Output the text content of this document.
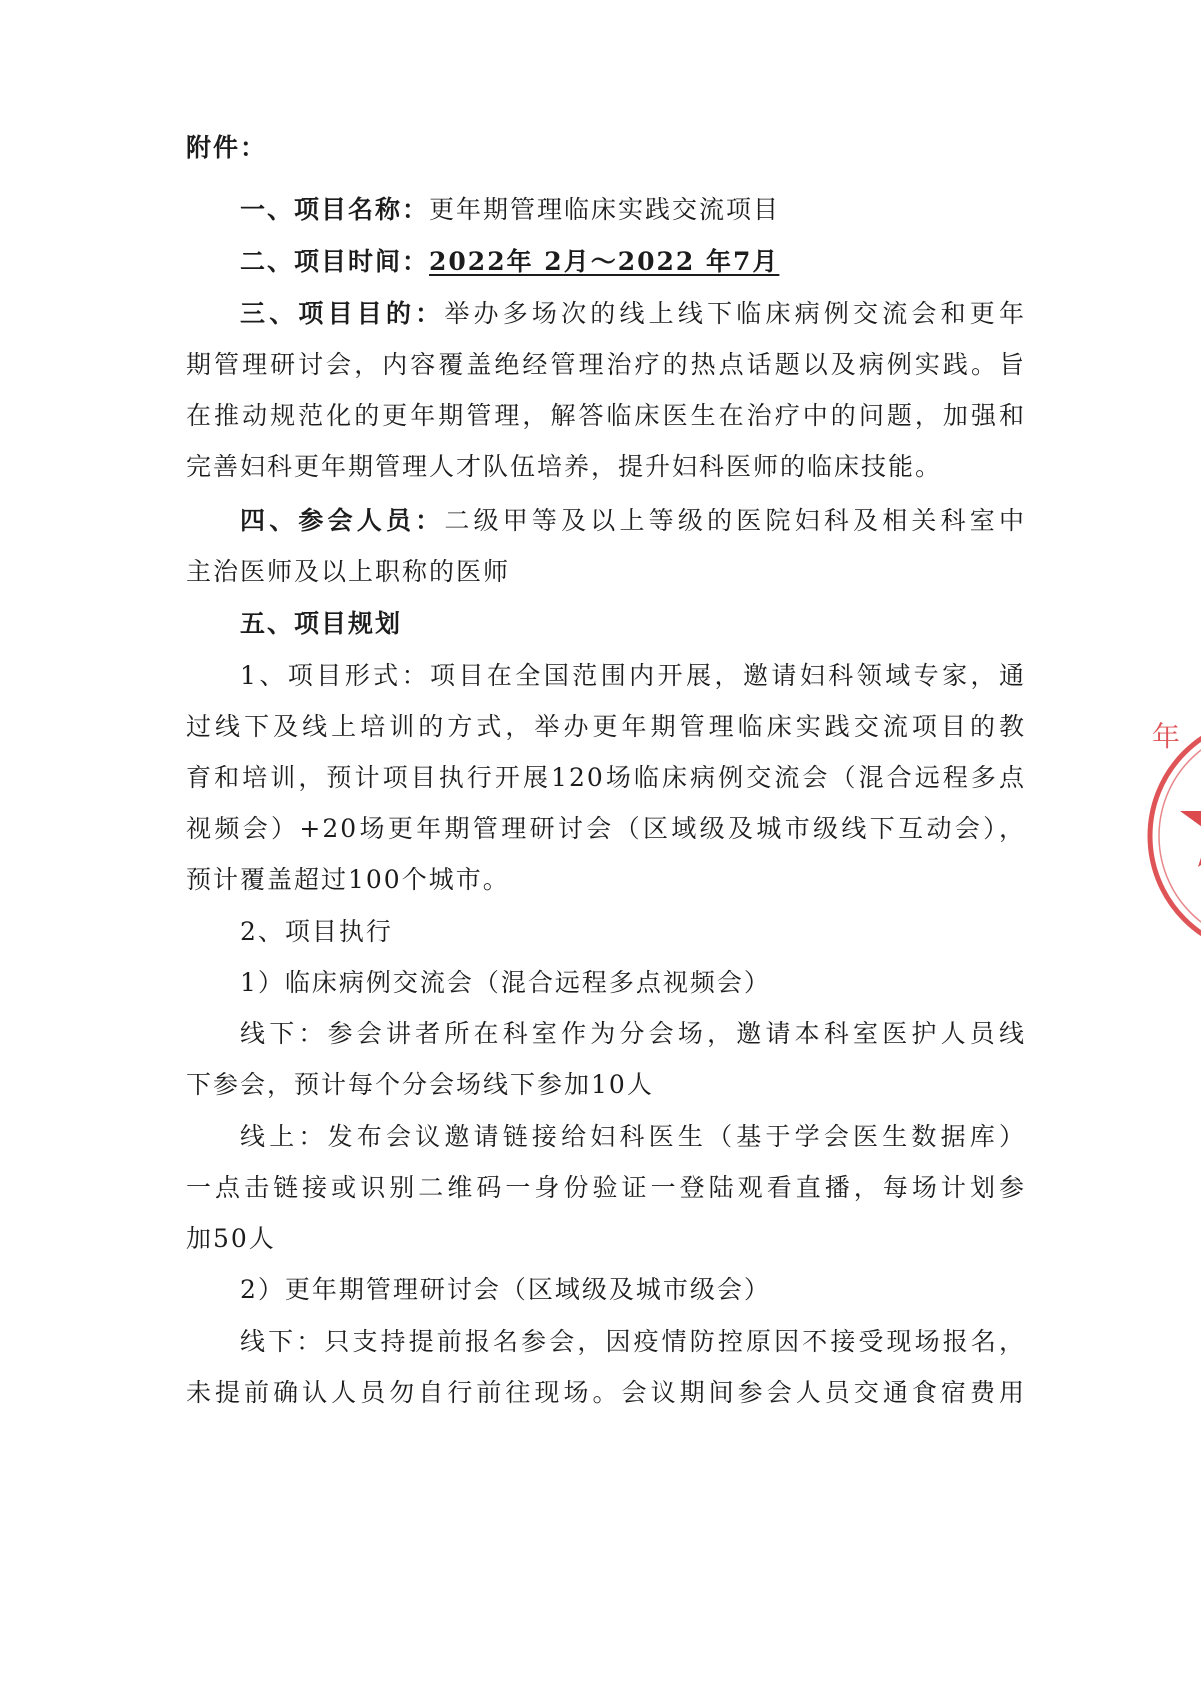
附件：
一、项目名称：更年期管理临床实践交流项目
二、项目时间：2022年 2月～2022 年7月
三、项目目的：举办多场次的线上线下临床病例交流会和更年
期管理研讨会，内容覆盖绝经管理治疗的热点话题以及病例实践。旨
在推动规范化的更年期管理，解答临床医生在治疗中的问题，加强和
完善妇科更年期管理人才队伍培养，提升妇科医师的临床技能。
四、参会人员：二级甲等及以上等级的医院妇科及相关科室中
主治医师及以上职称的医师
五、项目规划
1、项目形式：项目在全国范围内开展，邀请妇科领域专家，通
过线下及线上培训的方式，举办更年期管理临床实践交流项目的教
育和培训，预计项目执行开展120场临床病例交流会（混合远程多点
视频会）+20场更年期管理研讨会（区域级及城市级线下互动会），
预计覆盖超过100个城市。
2、项目执行
1）临床病例交流会（混合远程多点视频会）
线下：参会讲者所在科室作为分会场，邀请本科室医护人员线
下参会，预计每个分会场线下参加10人
线上：发布会议邀请链接给妇科医生（基于学会医生数据库）
一点击链接或识别二维码一身份验证一登陆观看直播，每场计划参
加50人
2）更年期管理研讨会（区域级及城市级会）
线下：只支持提前报名参会，因疫情防控原因不接受现场报名，
未提前确认人员勿自行前往现场。会议期间参会人员交通食宿费用
年
